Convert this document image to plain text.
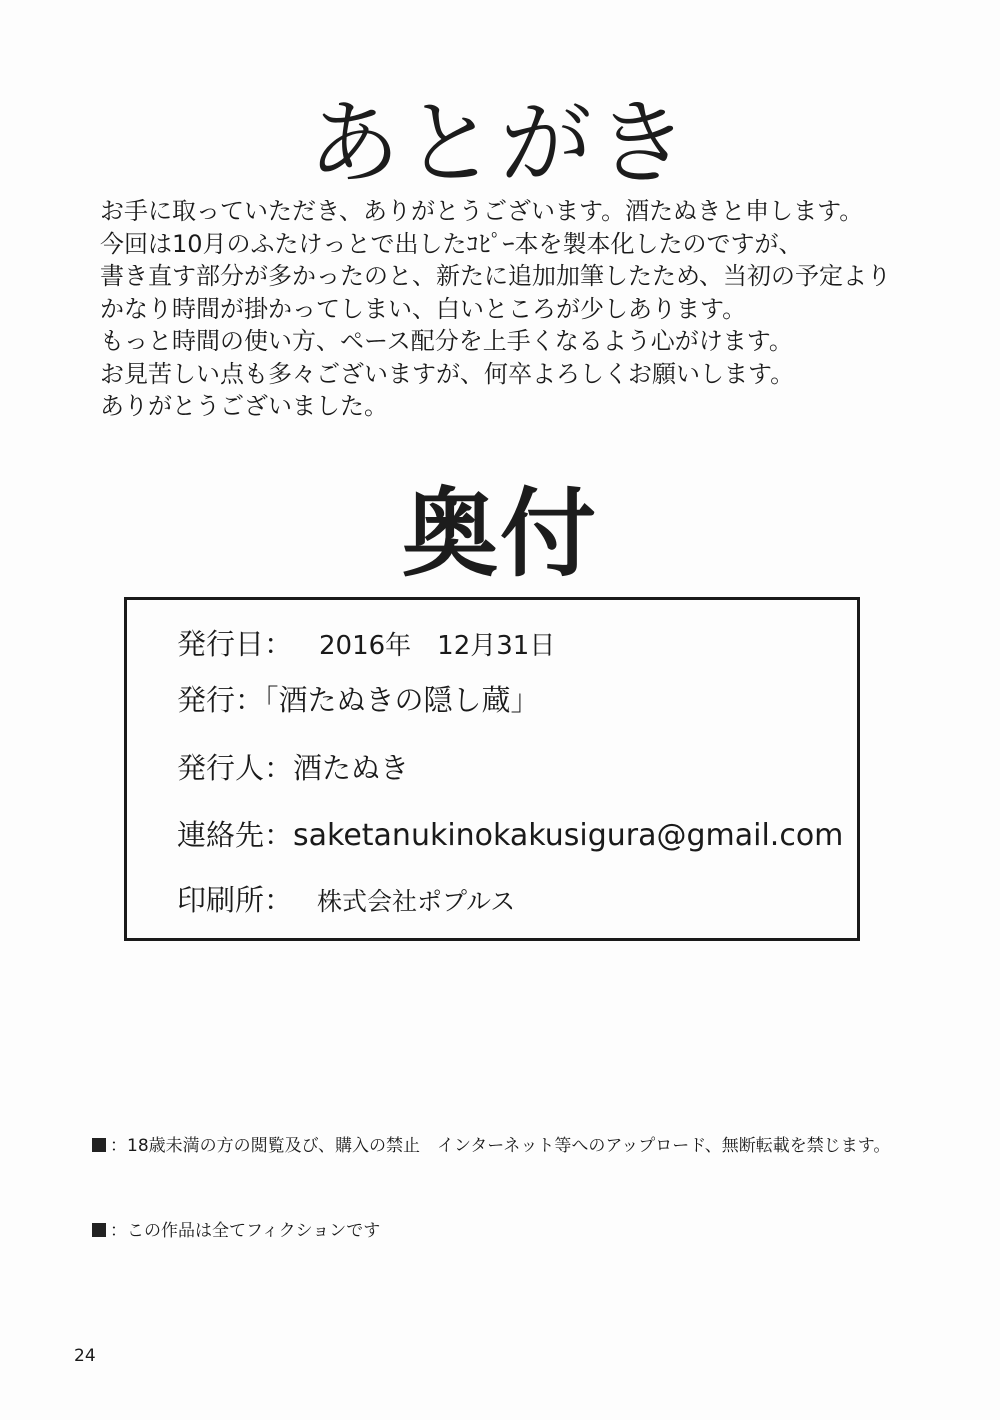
あとがき
お手に取っていただき、ありがとうございます。酒たぬきと申します。
今回は10月のふたけっとで出したｺﾋﾟｰ本を製本化したのですが、
書き直す部分が多かったのと、新たに追加加筆したため、当初の予定より
かなり時間が掛かってしまい、白いところが少しあります。
もっと時間の使い方、ペース配分を上手くなるよう心がけます。
お見苦しい点も多々ございますが、何卒よろしくお願いします。
ありがとうございました。
奥付
発行日： 2016年　12月31日
発行：「酒たぬきの隠し蔵」
発行人：酒たぬき
連絡先：saketanukinokakusigura@gmail.com
印刷所： 株式会社ポプルス
：18歳未満の方の閲覧及び、購入の禁止　インターネット等へのアップロード、無断転載を禁じます。
：この作品は全てフィクションです
24
